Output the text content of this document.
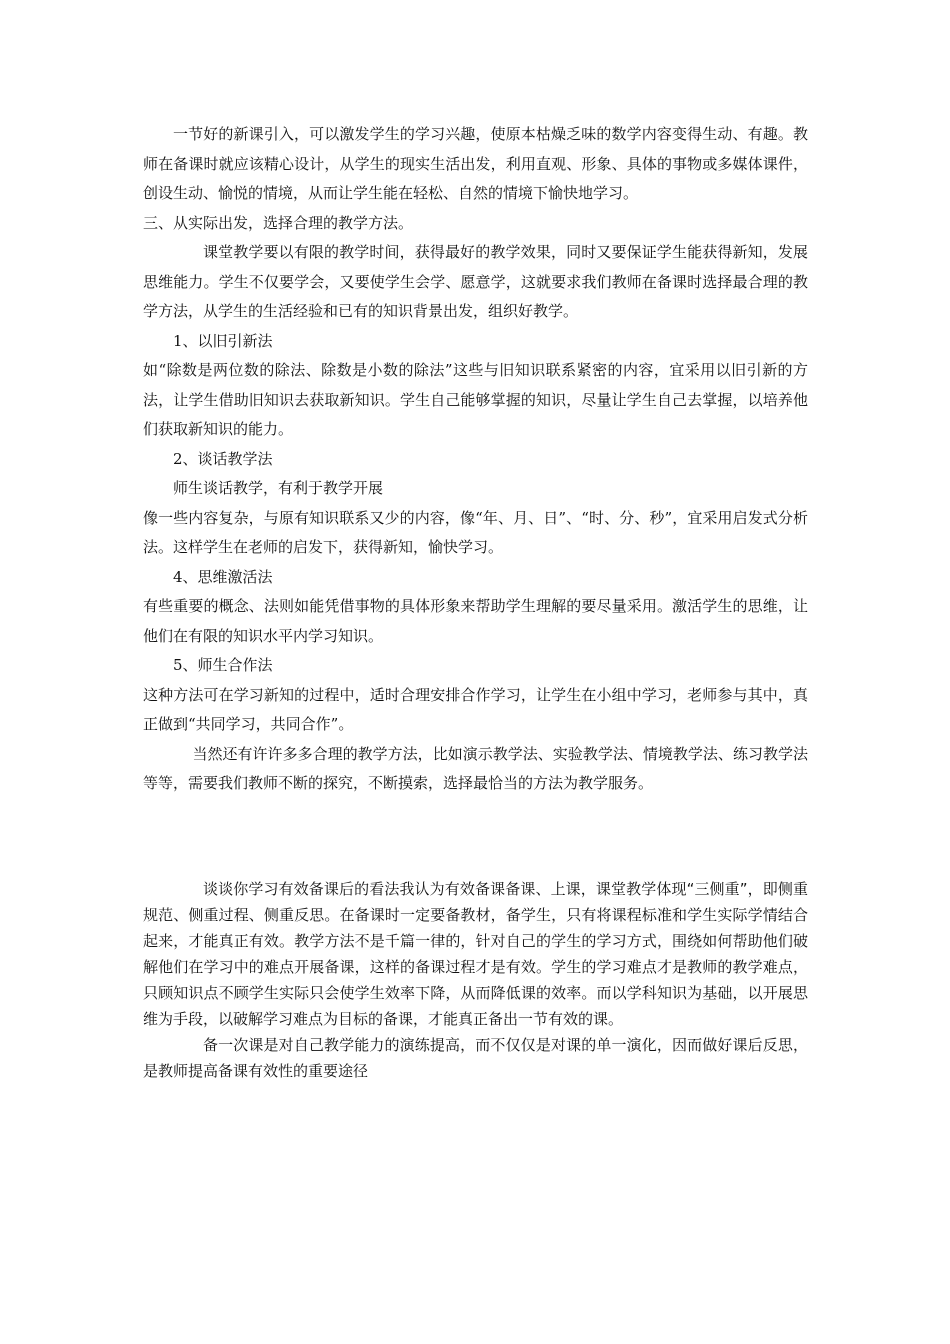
一节好的新课引入，可以激发学生的学习兴趣，使原本枯燥乏味的数学内容变得生动、有趣。教师在备课时就应该精心设计，从学生的现实生活出发，利用直观、形象、具体的事物或多媒体课件，创设生动、愉悦的情境，从而让学生能在轻松、自然的情境下愉快地学习。

三、从实际出发，选择合理的教学方法。

课堂教学要以有限的教学时间，获得最好的教学效果，同时又要保证学生能获得新知，发展思维能力。学生不仅要学会，又要使学生会学、愿意学，这就要求我们教师在备课时选择最合理的教学方法，从学生的生活经验和已有的知识背景出发，组织好教学。

1、以旧引新法

如“除数是两位数的除法、除数是小数的除法”这些与旧知识联系紧密的内容，宜采用以旧引新的方法，让学生借助旧知识去获取新知识。学生自己能够掌握的知识，尽量让学生自己去掌握，以培养他们获取新知识的能力。

2、谈话教学法

师生谈话教学，有利于教学开展

像一些内容复杂，与原有知识联系又少的内容，像“年、月、日”、“时、分、秒”，宜采用启发式分析法。这样学生在老师的启发下，获得新知，愉快学习。

4、思维激活法

有些重要的概念、法则如能凭借事物的具体形象来帮助学生理解的要尽量采用。激活学生的思维，让他们在有限的知识水平内学习知识。

5、师生合作法

这种方法可在学习新知的过程中，适时合理安排合作学习，让学生在小组中学习，老师参与其中，真正做到“共同学习，共同合作”。

当然还有许许多多合理的教学方法，比如演示教学法、实验教学法、情境教学法、练习教学法等等，需要我们教师不断的探究，不断摸索，选择最恰当的方法为教学服务。

谈谈你学习有效备课后的看法我认为有效备课备课、上课，课堂教学体现“三侧重”，即侧重规范、侧重过程、侧重反思。在备课时一定要备教材，备学生，只有将课程标准和学生实际学情结合起来，才能真正有效。教学方法不是千篇一律的，针对自己的学生的学习方式，围绕如何帮助他们破解他们在学习中的难点开展备课，这样的备课过程才是有效。学生的学习难点才是教师的教学难点，只顾知识点不顾学生实际只会使学生效率下降，从而降低课的效率。而以学科知识为基础，以开展思维为手段，以破解学习难点为目标的备课，才能真正备出一节有效的课。

备一次课是对自己教学能力的演练提高，而不仅仅是对课的单一演化，因而做好课后反思，是教师提高备课有效性的重要途径
